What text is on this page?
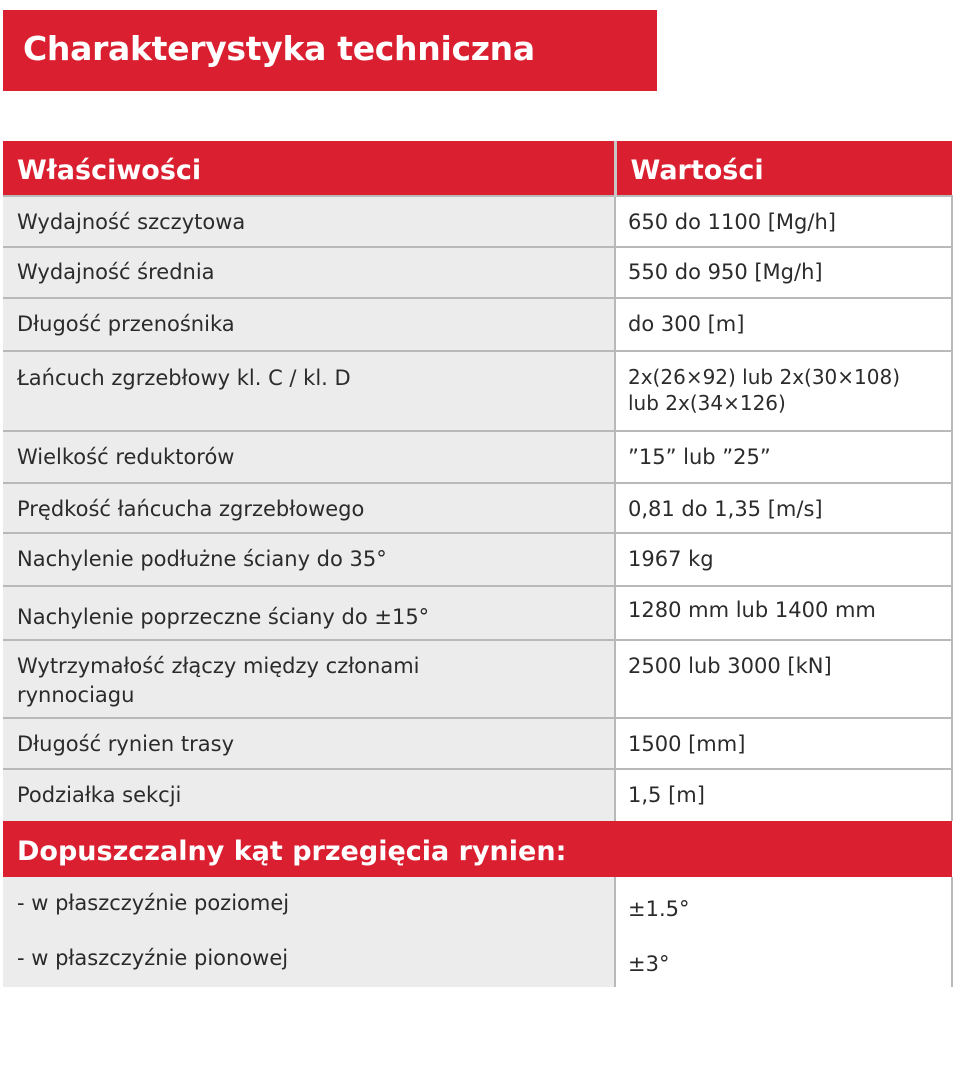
Charakterystyka techniczna
Właściwości	Wartości

Wydajność szczytowa	650 do 1100 [Mg/h]

Wydajność średnia	550 do 950 [Mg/h]

Długość przenośnika	do 300 [m]

Łańcuch zgrzebłowy kl. C / kl. D	2x(26×92) lub 2x(30×108)
lub 2x(34×126)

Wielkość reduktorów	”15” lub ”25”

Prędkość łańcucha zgrzebłowego	0,81 do 1,35 [m/s]

Nachylenie podłużne ściany do 35°	1967 kg

Nachylenie poprzeczne ściany do ±15°	1280 mm lub 1400 mm

Wytrzymałość złączy między członami
rynnociagu	2500 lub 3000 [kN]

Długość rynien trasy	1500 [mm]

Podziałka sekcji	1,5 [m]

Dopuszczalny kąt przegięcia rynien:	

- w płaszczyźnie poziomej	±1.5°

- w płaszczyźnie pionowej	±3°
